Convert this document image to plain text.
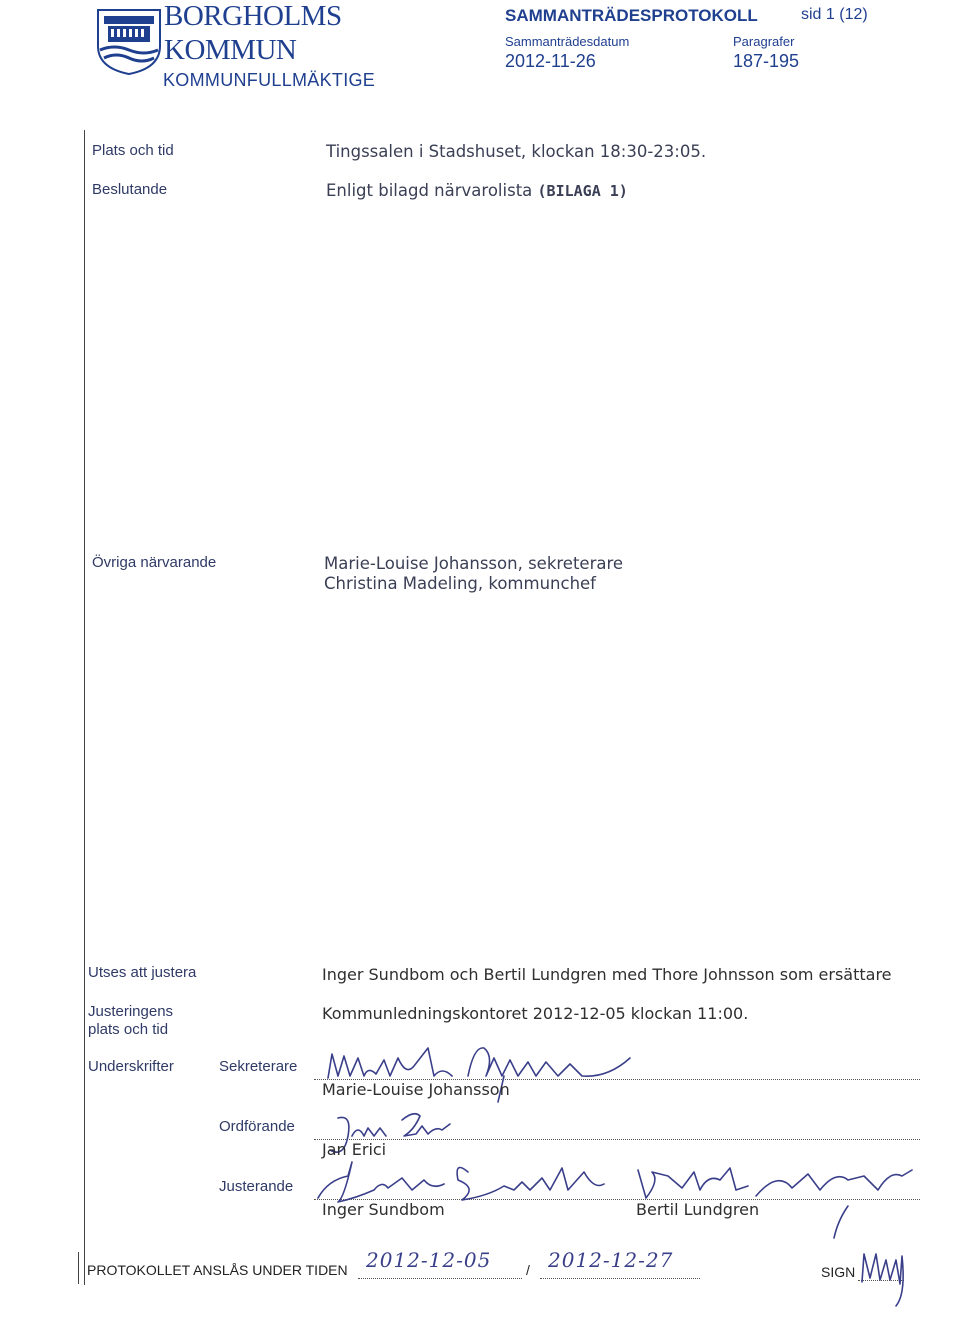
BORGHOLMS
KOMMUN
KOMMUNFULLMÄKTIGE
SAMMANTRÄDESPROTOKOLL	sid 1 (12)
Sammanträdesdatum
2012-11-26
Paragrafer
187-195
Plats och tid	Tingssalen i Stadshuset, klockan 18:30-23:05.
Beslutande	Enligt bilagd närvarolista (BILAGA 1)
Övriga närvarande	Marie-Louise Johansson, sekreterare
Christina Madeling, kommunchef
Utses att justera	Inger Sundbom och Bertil Lundgren med Thore Johnsson som ersättare
Justeringens
plats och tid
Kommunledningskontoret 2012-12-05 klockan 11:00.
Underskrifter	Sekreterare
Marie-Louise Johansson
Ordförande
Jan Erici
Justerande
Inger Sundbom	Bertil Lundgren
PROTOKOLLET ANSLÅS UNDER TIDEN 2012-12-05 / 2012-12-27	SIGN
